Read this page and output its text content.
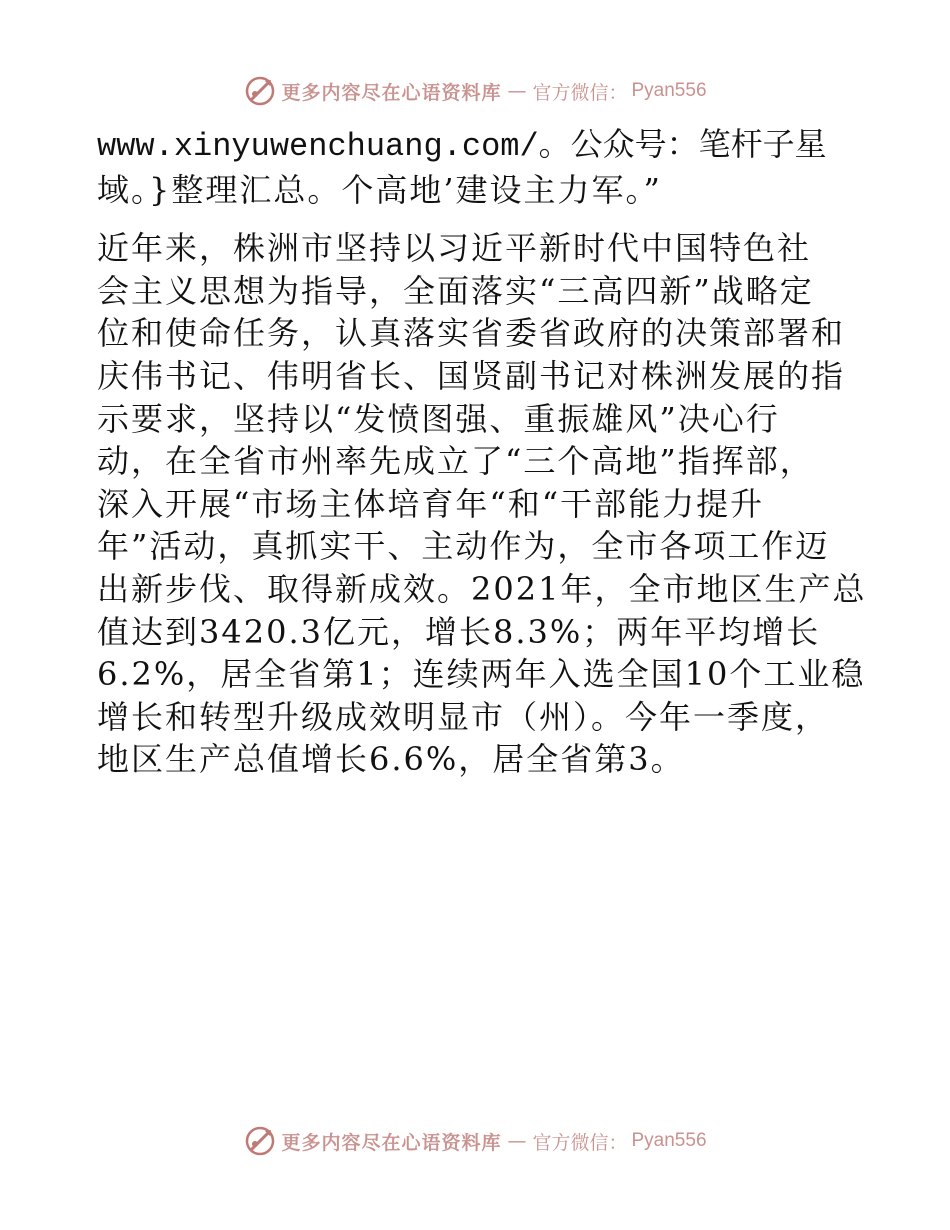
更多内容尽在心语资料库 — 官方微信： Pyan556

www.xinyuwenchuang.com/。公众号：笔杆子星
域。}整理汇总。个高地’建设主力军。”

近年来，株洲市坚持以习近平新时代中国特色社
会主义思想为指导，全面落实“三高四新”战略定
位和使命任务，认真落实省委省政府的决策部署和
庆伟书记、伟明省长、国贤副书记对株洲发展的指
示要求，坚持以“发愤图强、重振雄风”决心行
动，在全省市州率先成立了“三个高地”指挥部，
深入开展“市场主体培育年“和“干部能力提升
年”活动，真抓实干、主动作为，全市各项工作迈
出新步伐、取得新成效。2021年，全市地区生产总
值达到3420.3亿元，增长8.3%；两年平均增长
6.2%，居全省第1；连续两年入选全国10个工业稳
增长和转型升级成效明显市（州）。今年一季度，
地区生产总值增长6.6%，居全省第3。

更多内容尽在心语资料库 — 官方微信： Pyan556
